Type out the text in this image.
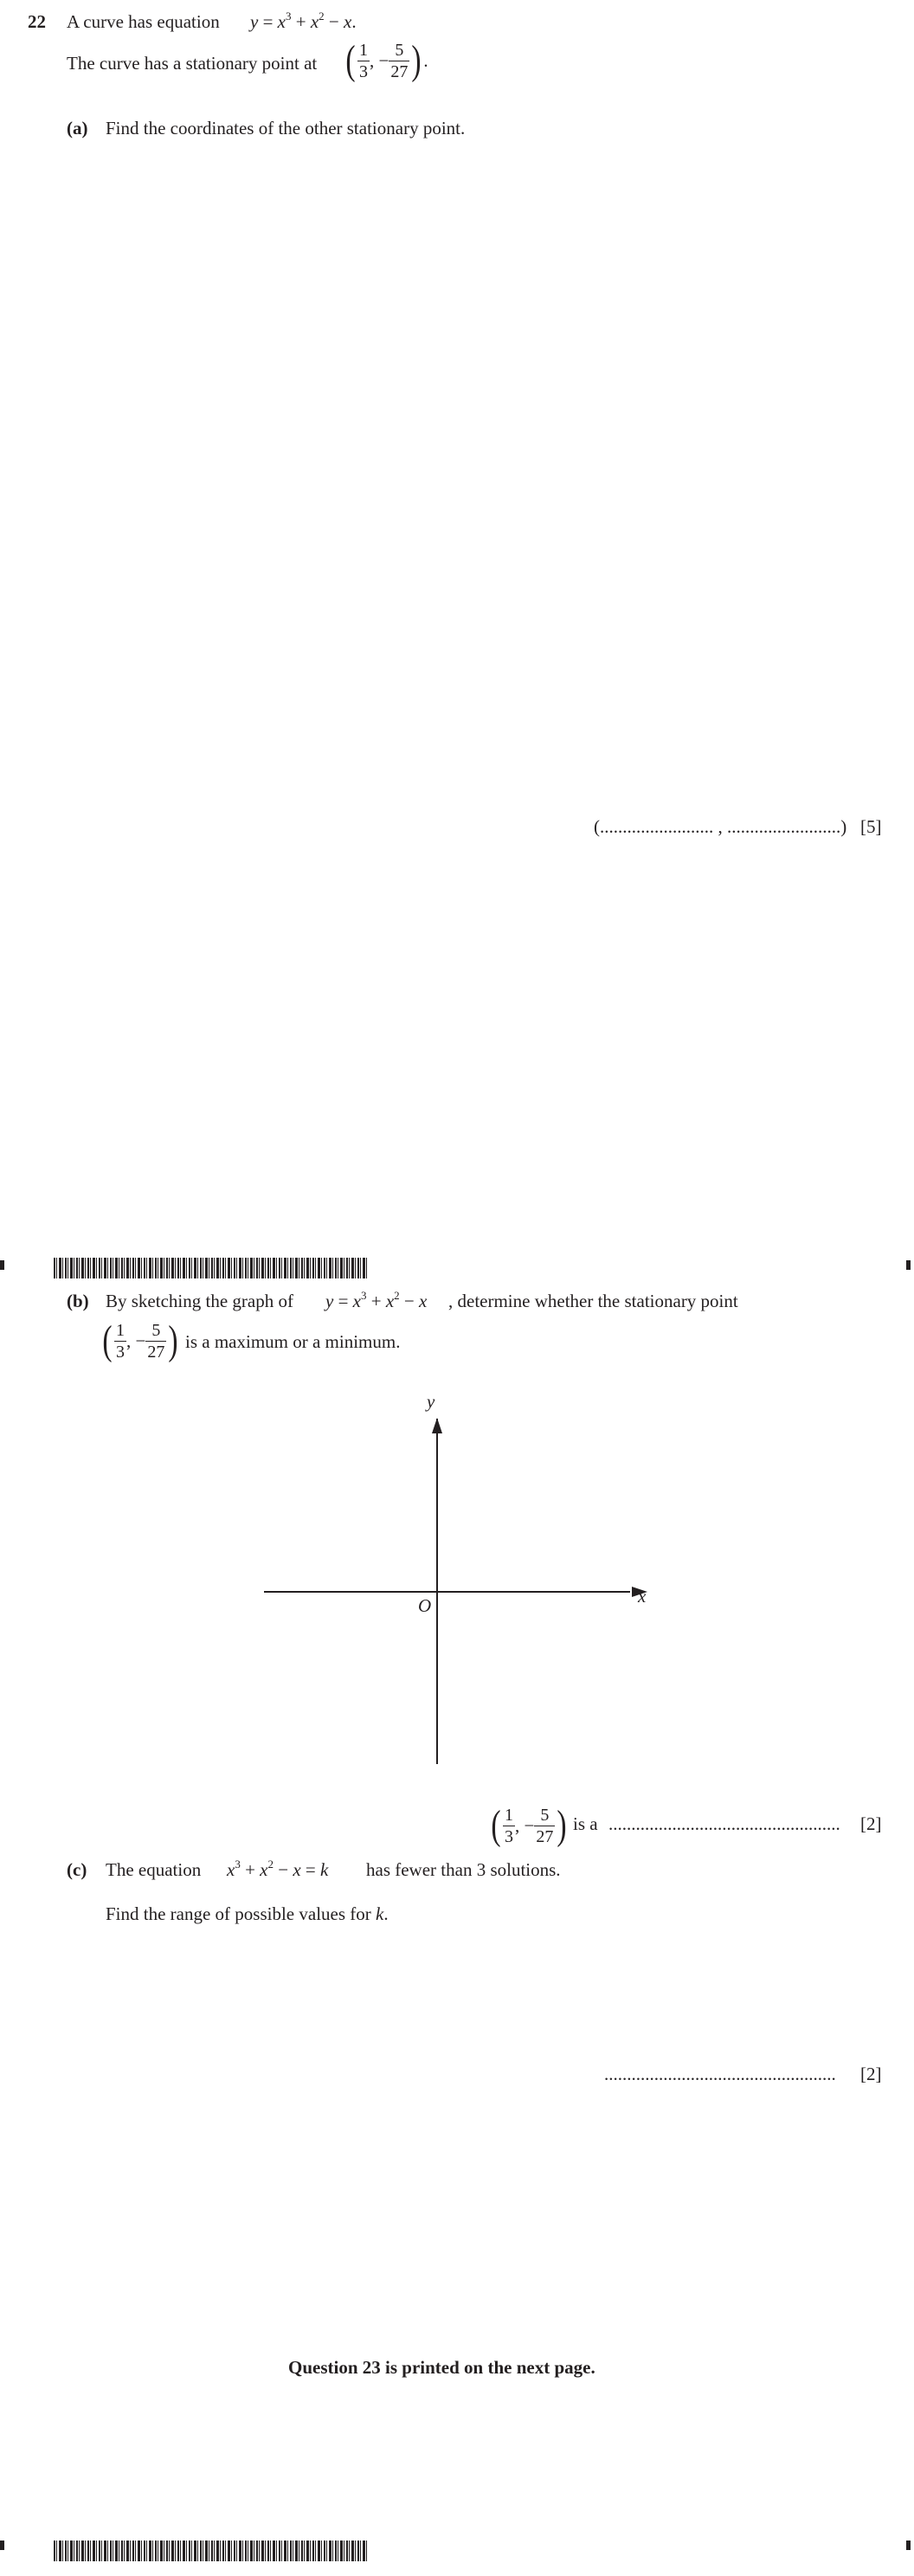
22 A curve has equation $y = x^3 + x^2 - x$.
The curve has a stationary point at ( $\frac{1}{3}$ , − $\frac{5}{27}$ ) .
(a) Find the coordinates of the other stationary point.
(......................... , .........................) [5]
(b) By sketching the graph of $y = x^3 + x^2 - x$ , determine whether the stationary point
( $\frac{1}{3}$ , − $\frac{5}{27}$ ) is a maximum or a minimum.
x
y
O
( $\frac{1}{3}$ , − $\frac{5}{27}$ ) is a ................................................... [2]
(c) The equation $x^3 + x^2 - x = k$ has fewer than 3 solutions.
Find the range of possible values for k.
................................................... [2]
Question 23 is printed on the next page.
